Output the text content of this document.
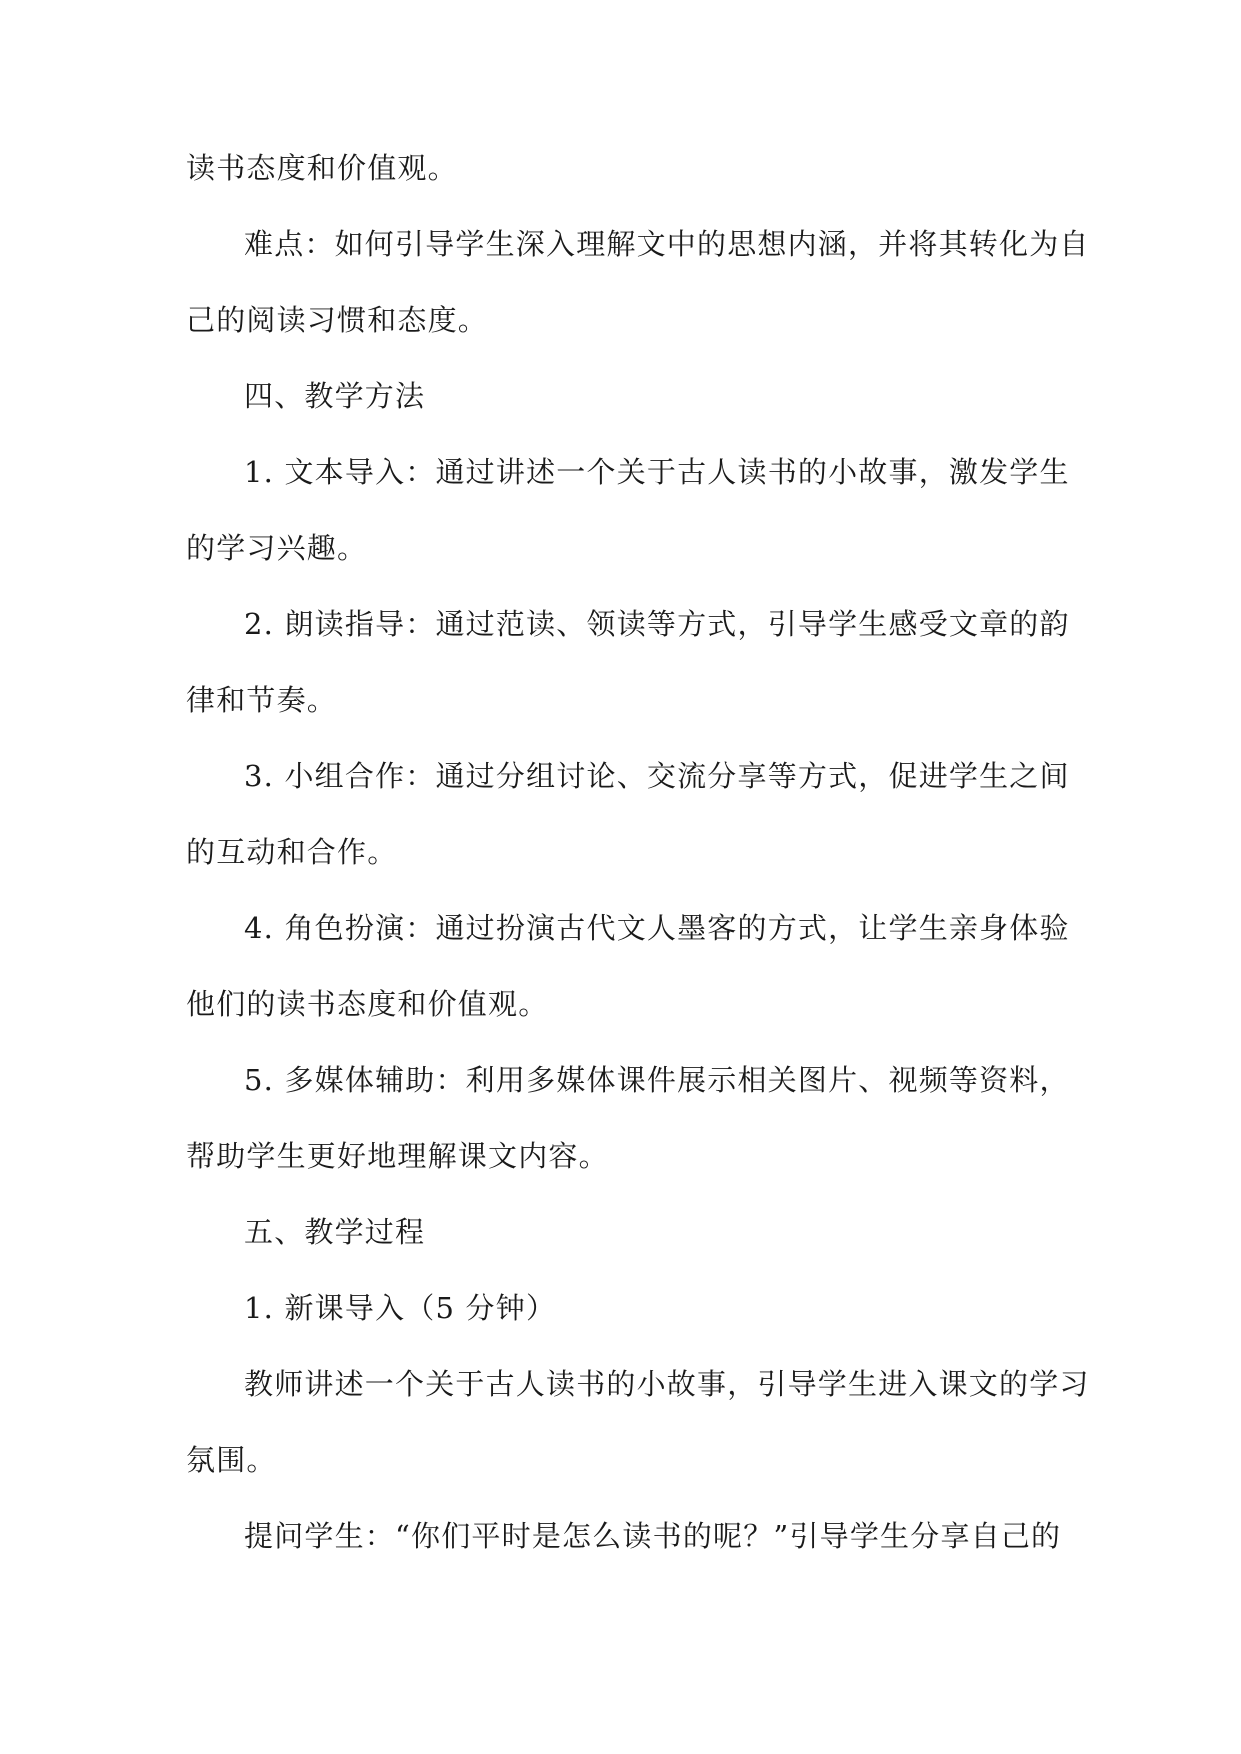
读书态度和价值观。
难点：如何引导学生深入理解文中的思想内涵，并将其转化为自
己的阅读习惯和态度。
四、教学方法
1. 文本导入：通过讲述一个关于古人读书的小故事，激发学生
的学习兴趣。
2. 朗读指导：通过范读、领读等方式，引导学生感受文章的韵
律和节奏。
3. 小组合作：通过分组讨论、交流分享等方式，促进学生之间
的互动和合作。
4. 角色扮演：通过扮演古代文人墨客的方式，让学生亲身体验
他们的读书态度和价值观。
5. 多媒体辅助：利用多媒体课件展示相关图片、视频等资料，
帮助学生更好地理解课文内容。
五、教学过程
1. 新课导入（5 分钟）
教师讲述一个关于古人读书的小故事，引导学生进入课文的学习
氛围。
提问学生：“你们平时是怎么读书的呢？”引导学生分享自己的
